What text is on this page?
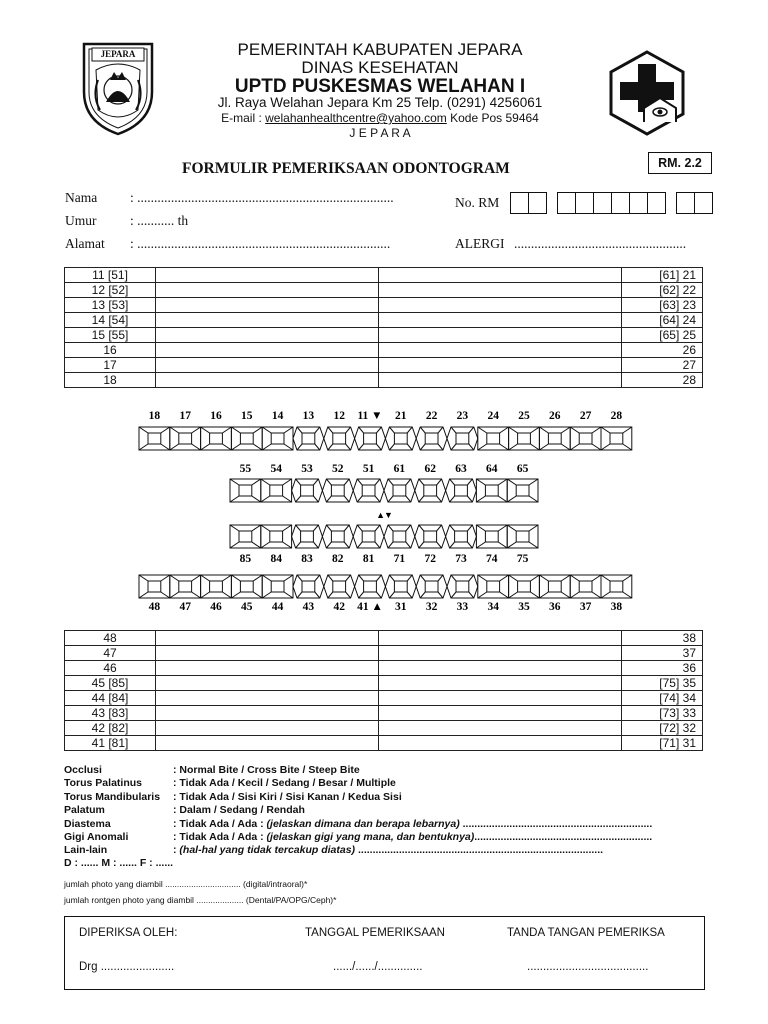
JEPARA	PEMERINTAH KABUPATEN JEPARA
DINAS KESEHATAN
UPTD PUSKESMAS WELAHAN I
Jl. Raya Welahan Jepara Km 25 Telp. (0291) 4256061
E-mail : welahanhealthcentre@yahoo.com Kode Pos 59464
J E P A R A
FORMULIR PEMERIKSAAN ODONTOGRAM	RM. 2.2
Nama : ............................................................................
Umur : ........... th
Alamat : ...........................................................................
No. RM
ALERGI ...................................................
11 [51]			[61] 21
12 [52]			[62] 22
13 [53]			[63] 23
14 [54]			[64] 24
15 [55]			[65] 25
16			26
17			27
18			28
18 17 16 15 14 13 12 11 ▼ 21 22 23 24 25 26 27 28
55 54 53 52 51 61 62 63 64 65
▲▼
85 84 83 82 81 71 72 73 74 75
48 47 46 45 44 43 42 41 ▲ 31 32 33 34 35 36 37 38
48			38
47			37
46			36
45 [85]			[75] 35
44 [84]			[74] 34
43 [83]			[73] 33
42 [82]			[72] 32
41 [81]			[71] 31
Occlusi	: Normal Bite / Cross Bite / Steep Bite
Torus Palatinus	: Tidak Ada / Kecil / Sedang / Besar / Multiple
Torus Mandibularis	: Tidak Ada / Sisi Kiri / Sisi Kanan / Kedua Sisi
Palatum	: Dalam / Sedang / Rendah
Diastema	: Tidak Ada / Ada : (jelaskan dimana dan berapa lebarnya) .................................................................
Gigi Anomali	: Tidak Ada / Ada : (jelaskan gigi yang mana, dan bentuknya).............................................................
Lain-lain	: (hal-hal yang tidak tercakup diatas) ....................................................................................
D : ...... M : ...... F : ......
jumlah photo yang diambil ................................ (digital/intraoral)*
jumlah rontgen photo yang diambil .................... (Dental/PA/OPG/Ceph)*
DIPERIKSA OLEH:	TANGGAL PEMERIKSAAN	TANDA TANGAN PEMERIKSA
Drg .......................	....../....../..............	......................................
